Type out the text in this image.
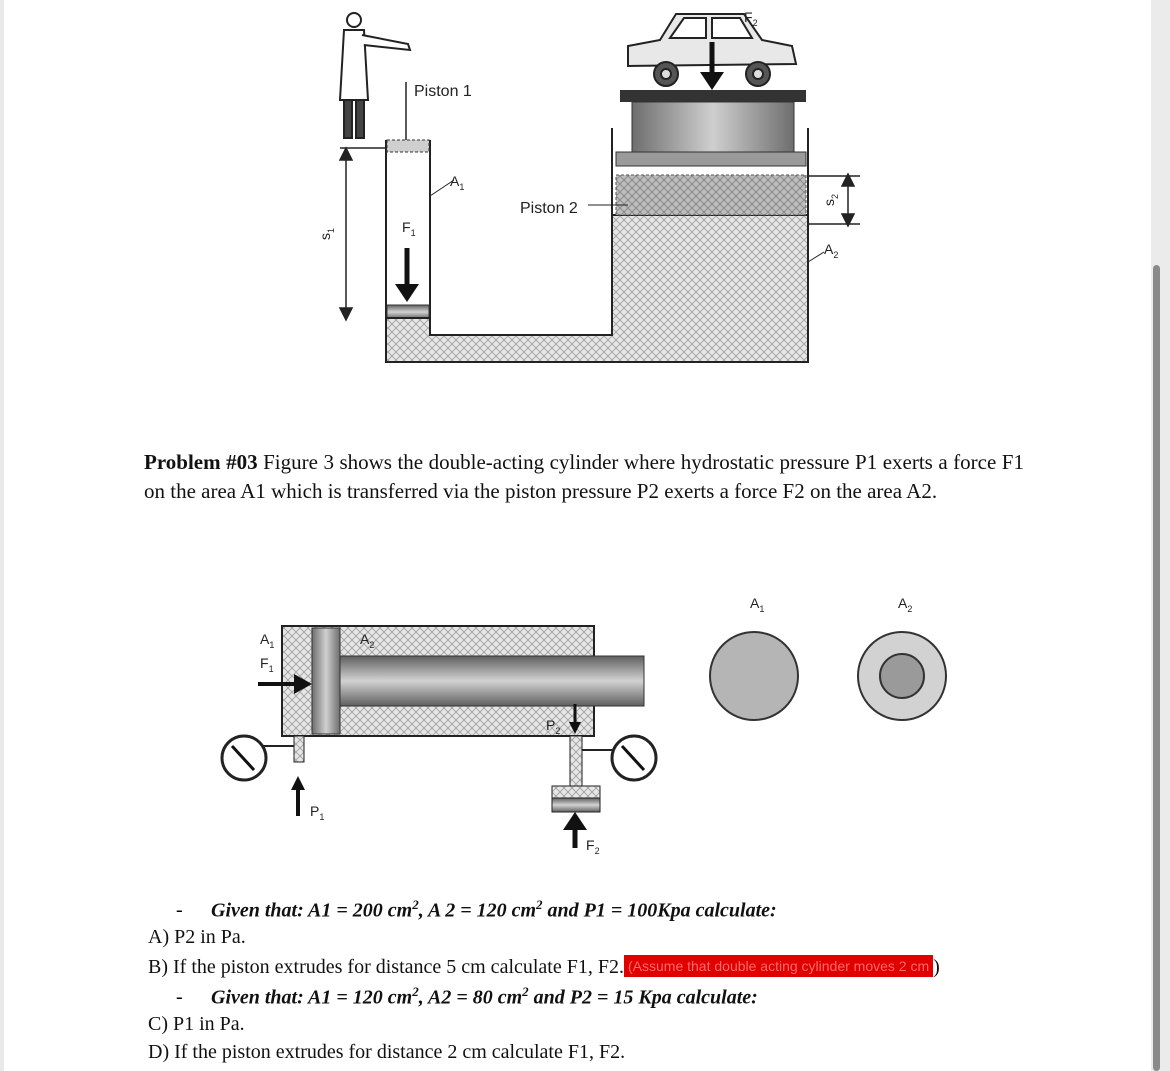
Piston 1
Piston 2
$A_1$
$F_1$
$F_2$
$A_2$
$s_1$
$s_2$
Problem #03 Figure 3 shows the double-acting cylinder where hydrostatic pressure P1 exerts a force F1 on the area A1 which is transferred via the piston pressure P2 exerts a force F2 on the area A2.
$A_1$	$A_2$
$F_1$
$P_1$
$P_2$
$F_2$
$A_1$	$A_2$
- Given that: A1 = 200 $cm^2$, A 2 = 120 $cm^2$ and P1 = 100Kpa calculate:
A) P2 in Pa.
B) If the piston extrudes for distance 5 cm calculate F1, F2. (Assume that double acting cylinder moves 2 cm )
- Given that: A1 = 120 $cm^2$, A2 = 80 $cm^2$ and P2 = 15 Kpa calculate:
C) P1 in Pa.
D) If the piston extrudes for distance 2 cm calculate F1, F2.
